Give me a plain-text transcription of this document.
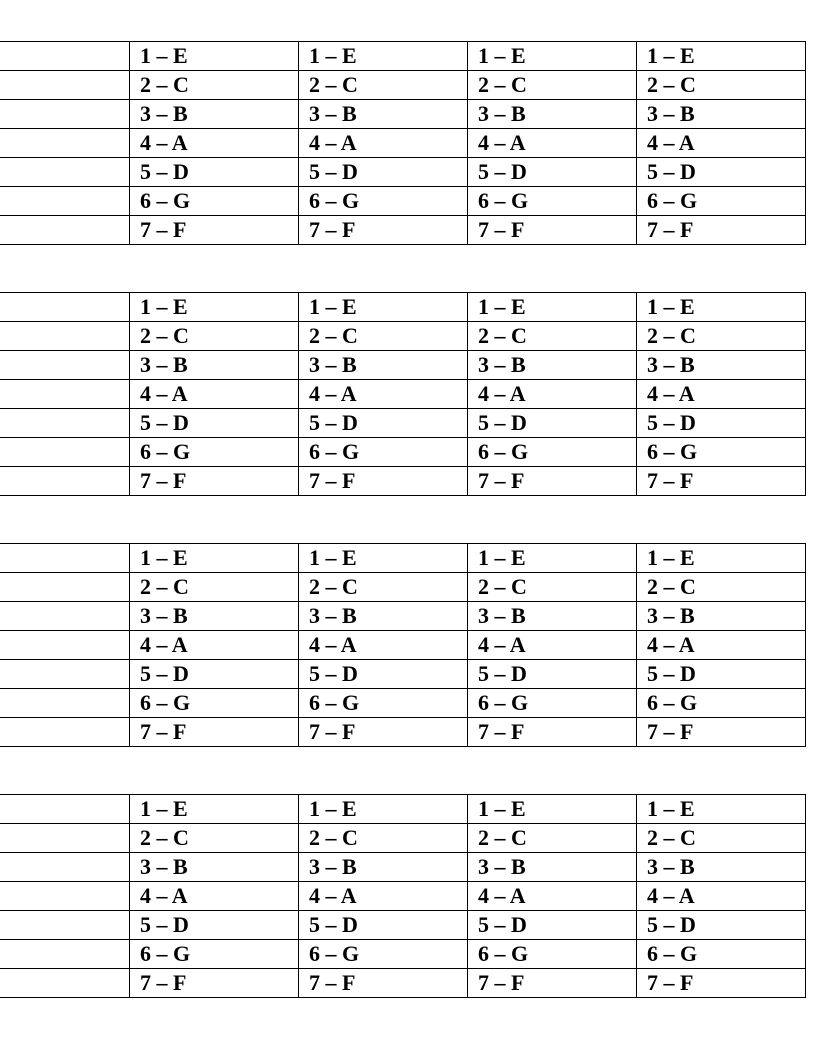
	1 – E	1 – E	1 – E	1 – E
	2 – C	2 – C	2 – C	2 – C
	3 – B	3 – B	3 – B	3 – B
	4 – A	4 – A	4 – A	4 – A
	5 – D	5 – D	5 – D	5 – D
	6 – G	6 – G	6 – G	6 – G
	7 – F	7 – F	7 – F	7 – F
	1 – E	1 – E	1 – E	1 – E
	2 – C	2 – C	2 – C	2 – C
	3 – B	3 – B	3 – B	3 – B
	4 – A	4 – A	4 – A	4 – A
	5 – D	5 – D	5 – D	5 – D
	6 – G	6 – G	6 – G	6 – G
	7 – F	7 – F	7 – F	7 – F
	1 – E	1 – E	1 – E	1 – E
	2 – C	2 – C	2 – C	2 – C
	3 – B	3 – B	3 – B	3 – B
	4 – A	4 – A	4 – A	4 – A
	5 – D	5 – D	5 – D	5 – D
	6 – G	6 – G	6 – G	6 – G
	7 – F	7 – F	7 – F	7 – F
	1 – E	1 – E	1 – E	1 – E
	2 – C	2 – C	2 – C	2 – C
	3 – B	3 – B	3 – B	3 – B
	4 – A	4 – A	4 – A	4 – A
	5 – D	5 – D	5 – D	5 – D
	6 – G	6 – G	6 – G	6 – G
	7 – F	7 – F	7 – F	7 – F
